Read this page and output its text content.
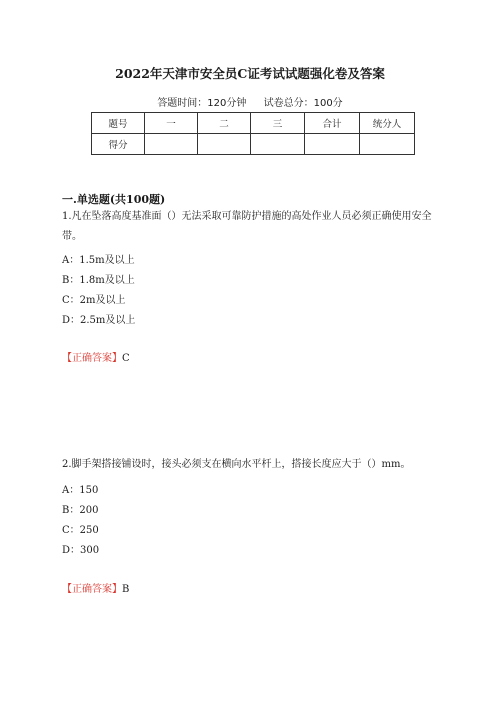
2022年天津市安全员C证考试试题强化卷及答案
答题时间：120分钟 试卷总分：100分
题号	一	二	三	合计	统分人
得分					
一.单选题(共100题)
1.凡在坠落高度基准面（）无法采取可靠防护措施的高处作业人员必须正确使用安全带。
A：1.5m及以上
B：1.8m及以上
C：2m及以上
D：2.5m及以上
【正确答案】C
2.脚手架搭接铺设时，接头必须支在横向水平杆上，搭接长度应大于（）mm。
A：150
B：200
C：250
D：300
【正确答案】B
